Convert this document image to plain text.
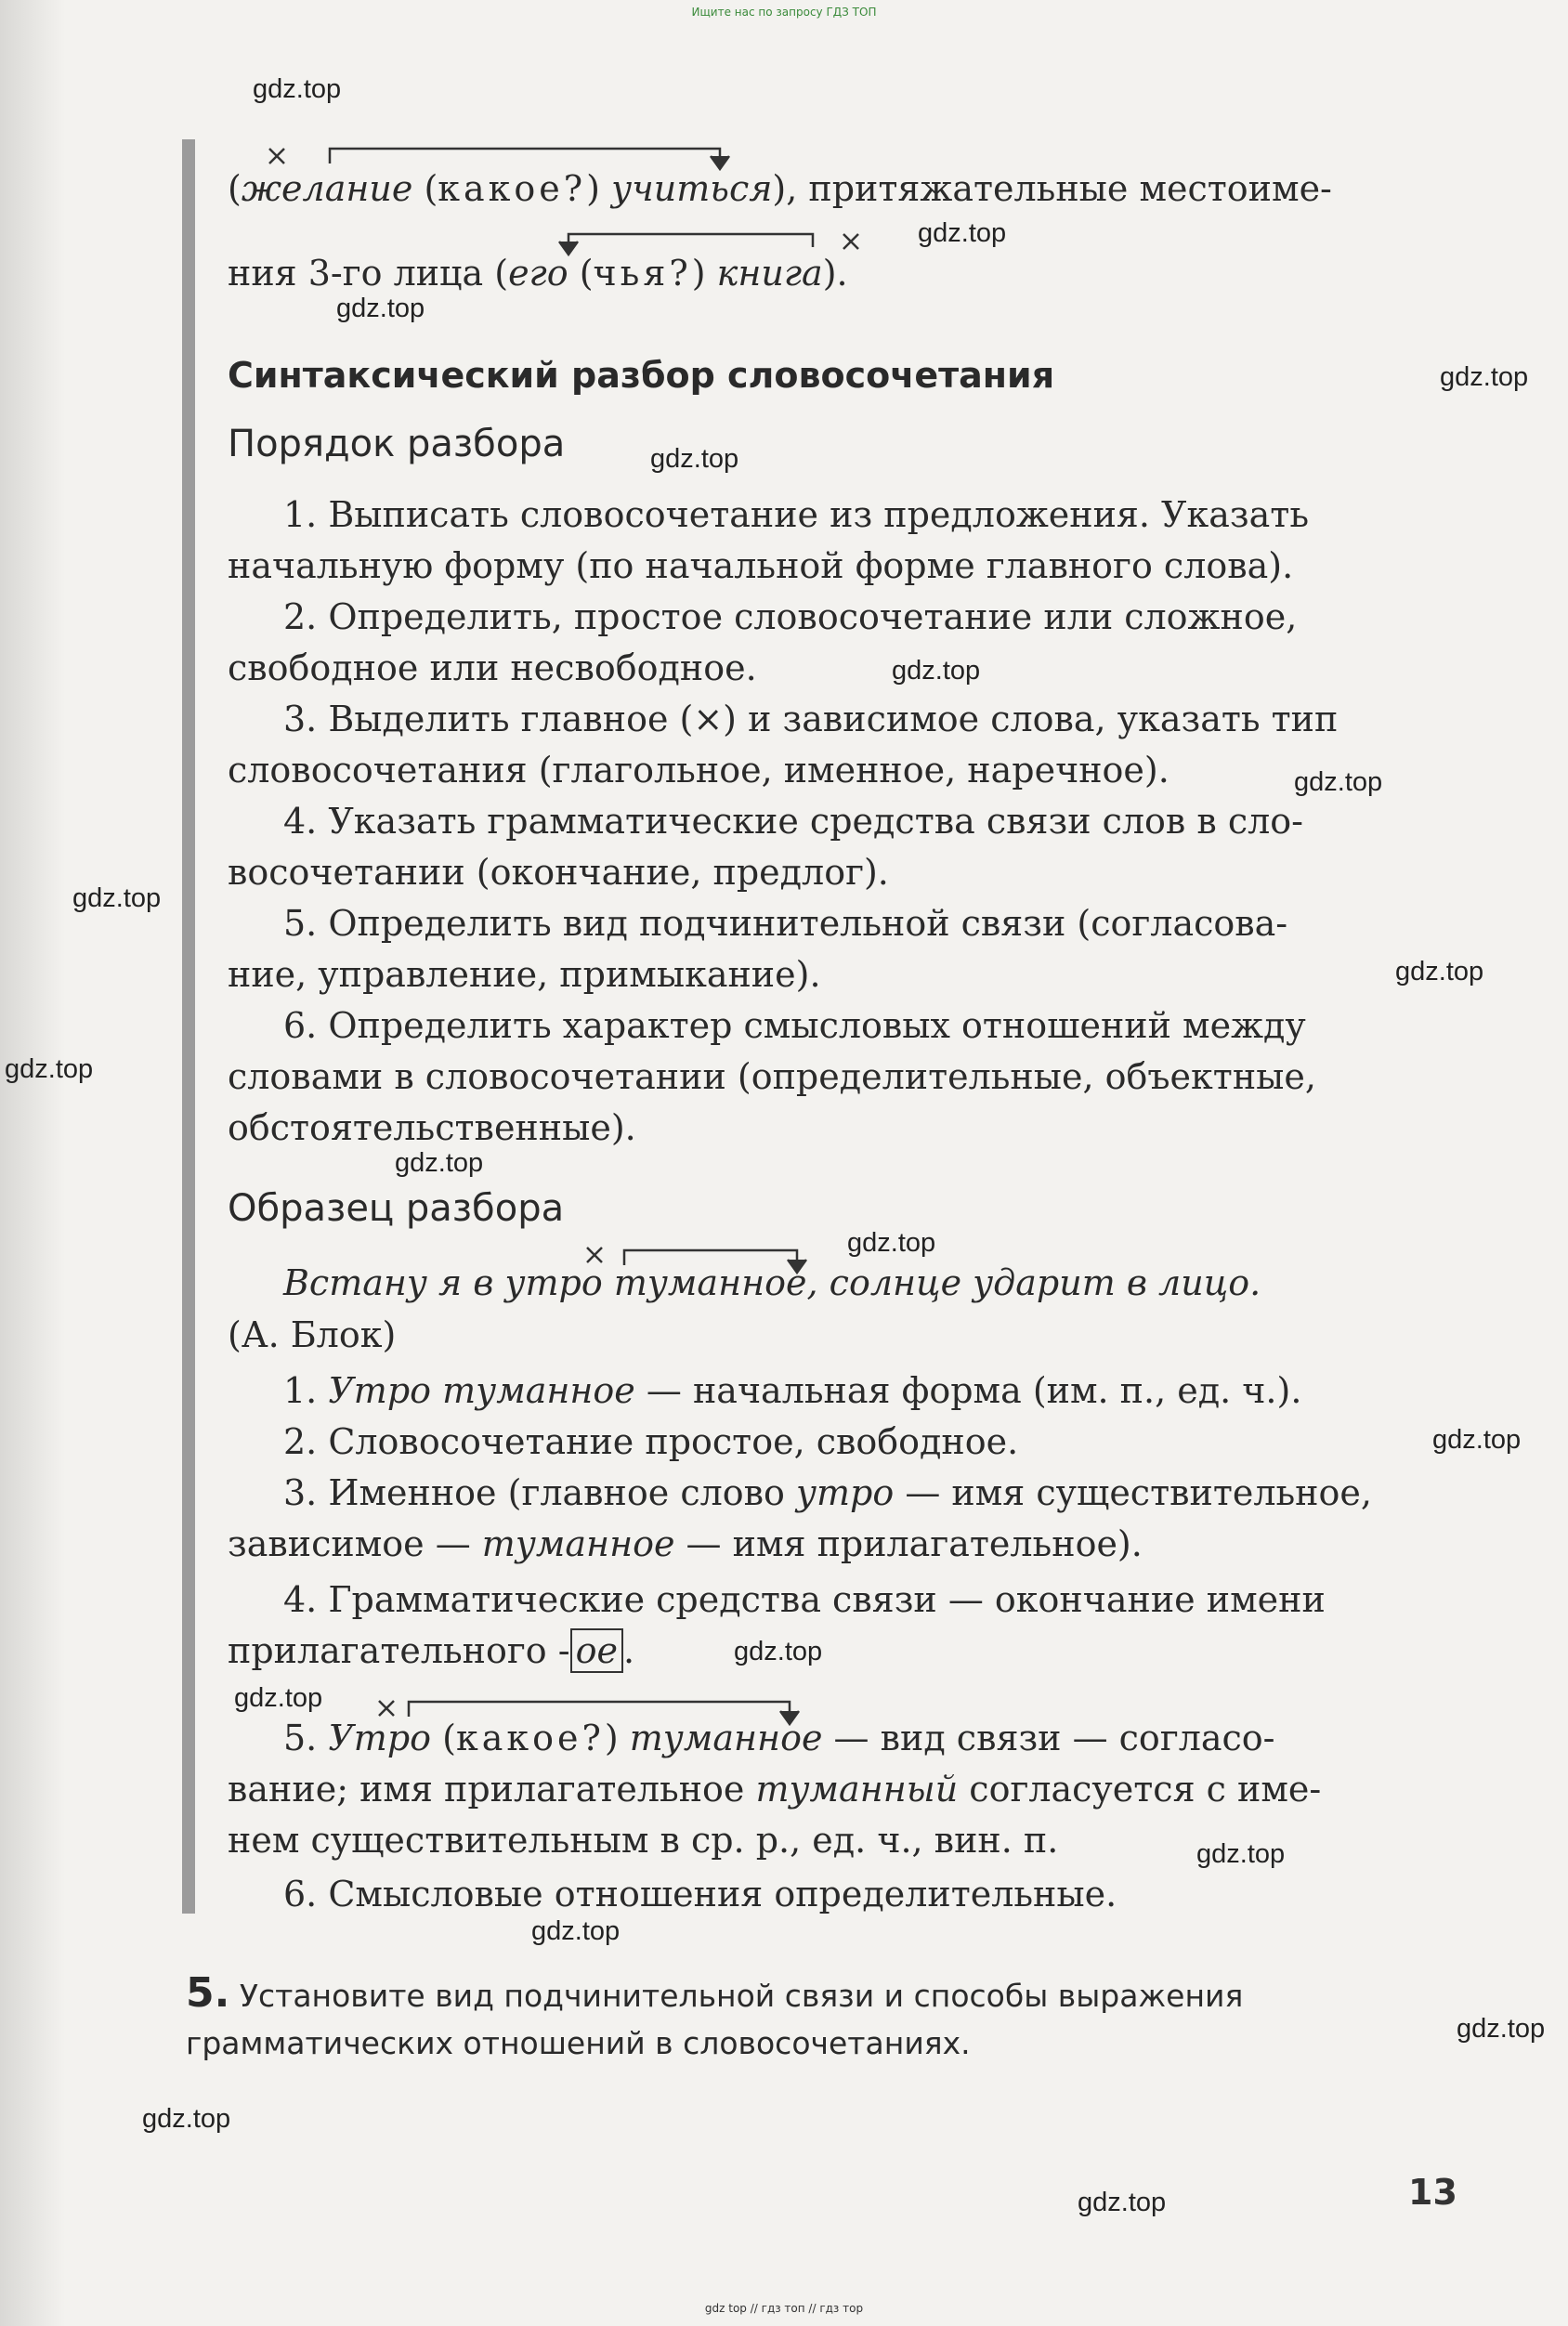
Ищите нас по запросу ГДЗ ТОП
gdz.top
gdz.top
gdz.top
gdz.top
gdz.top
gdz.top
gdz.top
gdz.top
gdz.top
gdz.top
gdz.top
gdz.top
gdz.top
gdz.top
gdz.top
gdz.top
gdz.top
gdz.top
gdz.top
gdz.top
(желание (какое?) учиться), притяжательные местоиме-
ния 3-го лица (его (чья?) книга).
Синтаксический разбор словосочетания
Порядок разбора
1. Выписать словосочетание из предложения. Указать
начальную форму (по начальной форме главного слова).
2. Определить, простое словосочетание или сложное,
свободное или несвободное.
3. Выделить главное (×) и зависимое слова, указать тип
словосочетания (глагольное, именное, наречное).
4. Указать грамматические средства связи слов в сло-
восочетании (окончание, предлог).
5. Определить вид подчинительной связи (согласова-
ние, управление, примыкание).
6. Определить характер смысловых отношений между
словами в словосочетании (определительные, объектные,
обстоятельственные).
Образец разбора
Встану я в утро туманное, солнце ударит в лицо.
(А. Блок)
1. Утро туманное — начальная форма (им. п., ед. ч.).
2. Словосочетание простое, свободное.
3. Именное (главное слово утро — имя существительное,
зависимое — туманное — имя прилагательное).
4. Грамматические средства связи — окончание имени
прилагательного - ое .
5. Утро (какое?) туманное — вид связи — согласо-
вание; имя прилагательное туманный согласуется с име-
нем существительным в ср. р., ед. ч., вин. п.
6. Смысловые отношения определительные.
5. Установите вид подчинительной связи и способы выражения
грамматических отношений в словосочетаниях.
13
gdz top // гдз топ // гдз тор
